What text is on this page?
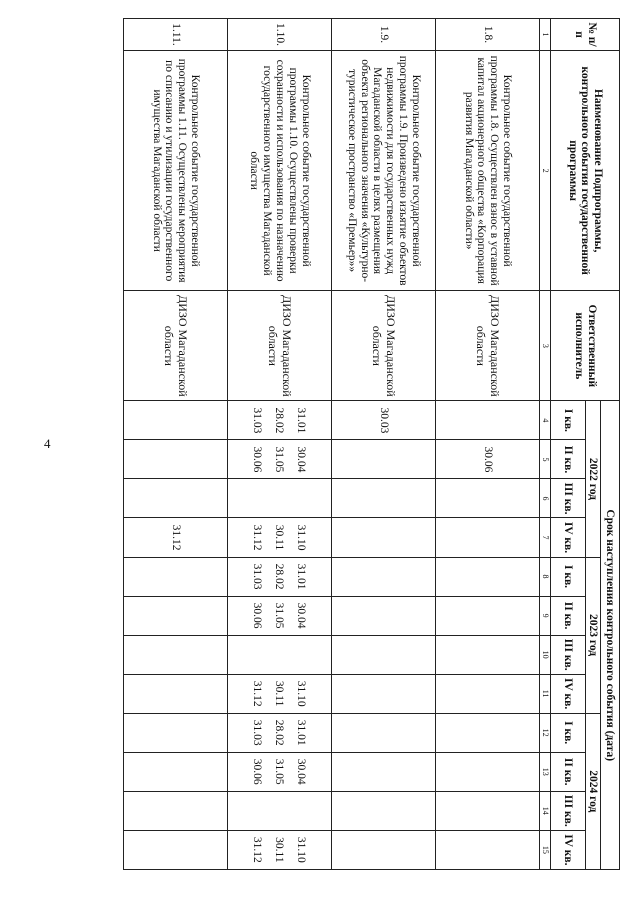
4
№ п/п	Наименование Подпрограммы, контрольного события государственной программы	Ответственный исполнитель	Срок наступления контрольного события (дата)											
			2022 год				2023 год				2024 год			
			I кв.	II кв.	III кв.	IV кв.	I кв.	II кв.	III кв.	IV кв.	I кв.	II кв.	III кв.	IV кв.
1	2	3	4	5	6	7	8	9	10	11	12	13	14	15
1.8.	Контрольное событие государственной программы 1.8. Осуществлен взнос в уставной капитал акционерного общества «Корпорация развития Магаданской области»	ДИЗО Магаданской области		30.06										
1.9.	Контрольное событие государственной программы 1.9. Произведено изъятие объектов недвижимости для государственных нужд Магаданской области в целях размещения объекта регионального значения «Культурно-туристическое пространство «Премьер»»	ДИЗО Магаданской области	30.03											
1.10.	Контрольное событие государственной программы 1.10. Осуществлены проверки сохранности и использования по назначению государственного имущества Магаданской области	ДИЗО Магаданской области	31.01
28.02
31.03	30.04
31.05
30.06		31.10
30.11
31.12	31.01
28.02
31.03	30.04
31.05
30.06		31.10
30.11
31.12	31.01
28.02
31.03	30.04
31.05
30.06		31.10
30.11
31.12

1.11.	Контрольное событие государственной программы 1.11. Осуществлены мероприятия по списанию и утилизации государственного имущества Магаданской области	ДИЗО Магаданской области				31.12								
